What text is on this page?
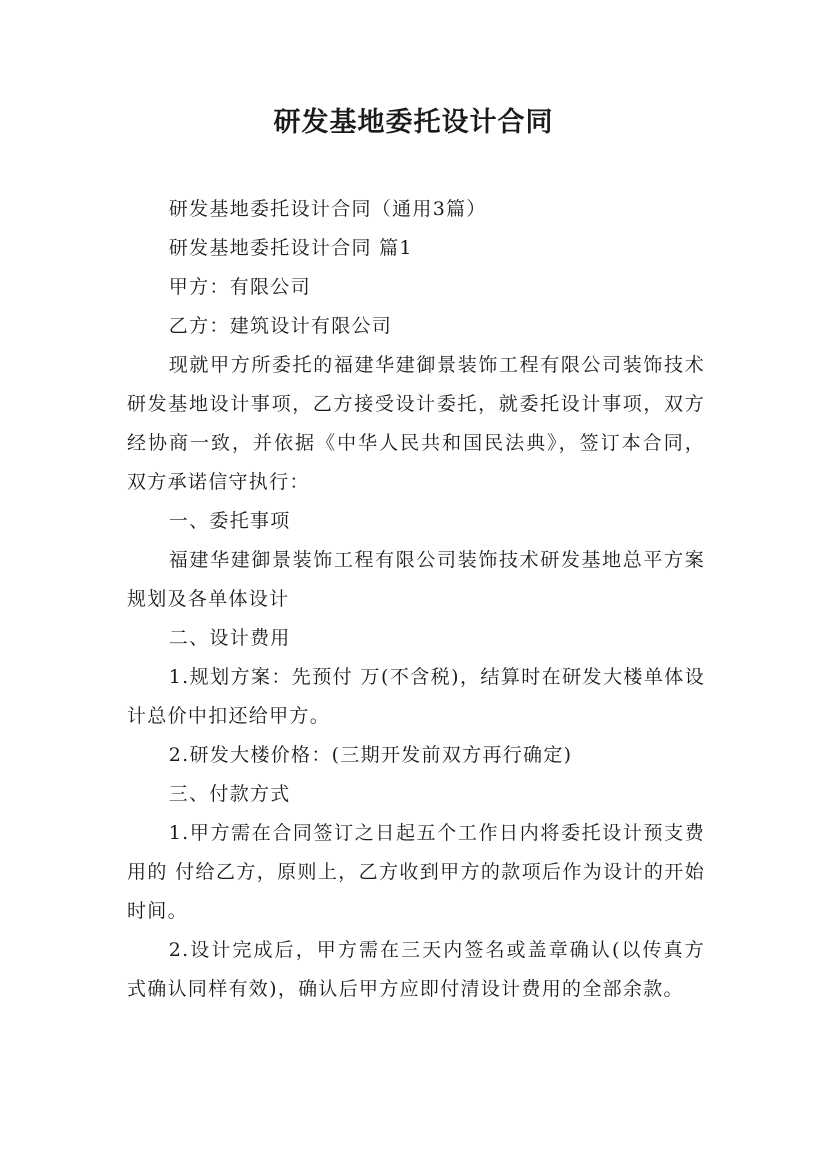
研发基地委托设计合同

研发基地委托设计合同（通用3篇）

研发基地委托设计合同 篇1

甲方：有限公司

乙方：建筑设计有限公司

现就甲方所委托的福建华建御景装饰工程有限公司装饰技术研发基地设计事项，乙方接受设计委托，就委托设计事项，双方经协商一致，并依据《中华人民共和国民法典》，签订本合同，双方承诺信守执行：

一、委托事项

福建华建御景装饰工程有限公司装饰技术研发基地总平方案规划及各单体设计

二、设计费用

1.规划方案：先预付 万(不含税)，结算时在研发大楼单体设计总价中扣还给甲方。

2.研发大楼价格：(三期开发前双方再行确定)

三、付款方式

1.甲方需在合同签订之日起五个工作日内将委托设计预支费用的 付给乙方，原则上，乙方收到甲方的款项后作为设计的开始时间。

2.设计完成后，甲方需在三天内签名或盖章确认(以传真方式确认同样有效)，确认后甲方应即付清设计费用的全部余款。
